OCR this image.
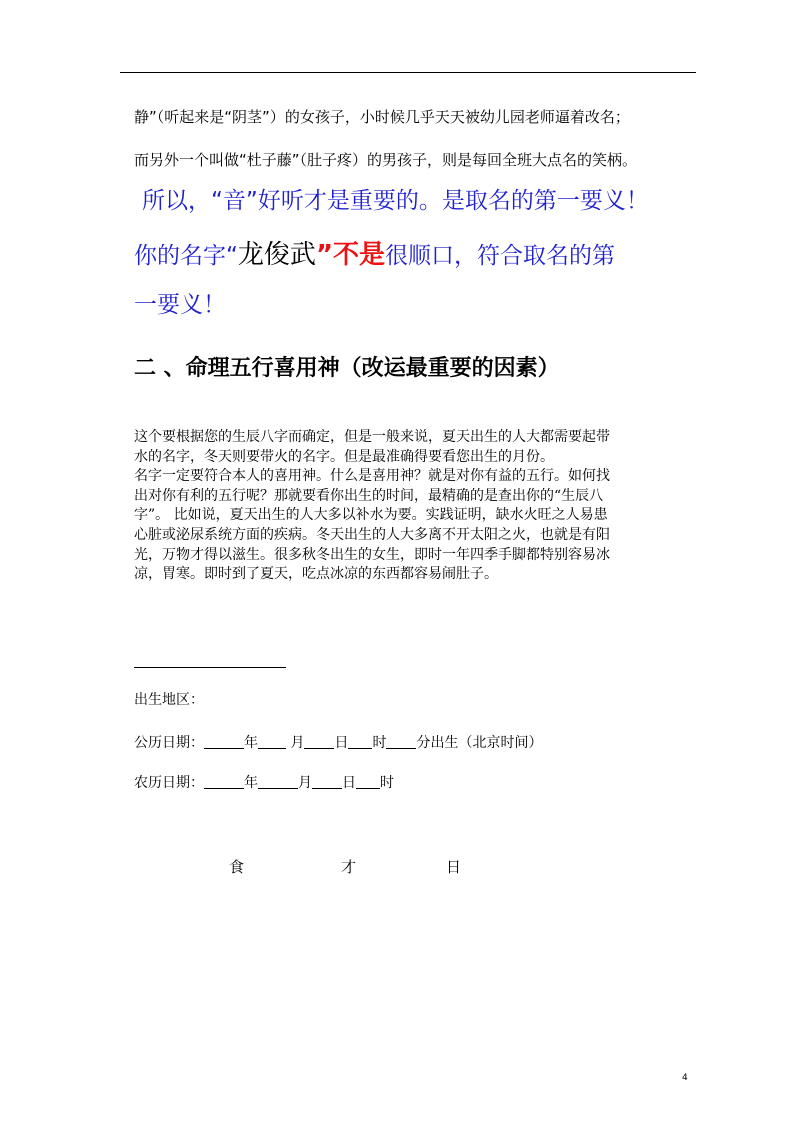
静”（听起来是“阴茎”）的女孩子，小时候几乎天天被幼儿园老师逼着改名；
而另外一个叫做“杜子藤”（肚子疼）的男孩子，则是每回全班大点名的笑柄。
所以，“音”好听才是重要的。是取名的第一要义！
你的名字“龙俊武”不是很顺口，符合取名的第
一要义！
二 、命理五行喜用神（改运最重要的因素）
这个要根据您的生辰八字而确定，但是一般来说，夏天出生的人大都需要起带
水的名字，冬天则要带火的名字。但是最准确得要看您出生的月份。
名字一定要符合本人的喜用神。什么是喜用神？就是对你有益的五行。如何找
出对你有利的五行呢？那就要看你出生的时间，最精确的是查出你的“生辰八
字”。 比如说，夏天出生的人大多以补水为要。实践证明，缺水火旺之人易患
心脏或泌尿系统方面的疾病。冬天出生的人大多离不开太阳之火，也就是有阳
光，万物才得以滋生。很多秋冬出生的女生，即时一年四季手脚都特别容易冰
凉，胃寒。即时到了夏天，吃点冰凉的东西都容易闹肚子。
出生地区：
公历日期：	年 月 日 时 分出生（北京时间）
农历日期：	年	月 日 时
食	才	日
4
